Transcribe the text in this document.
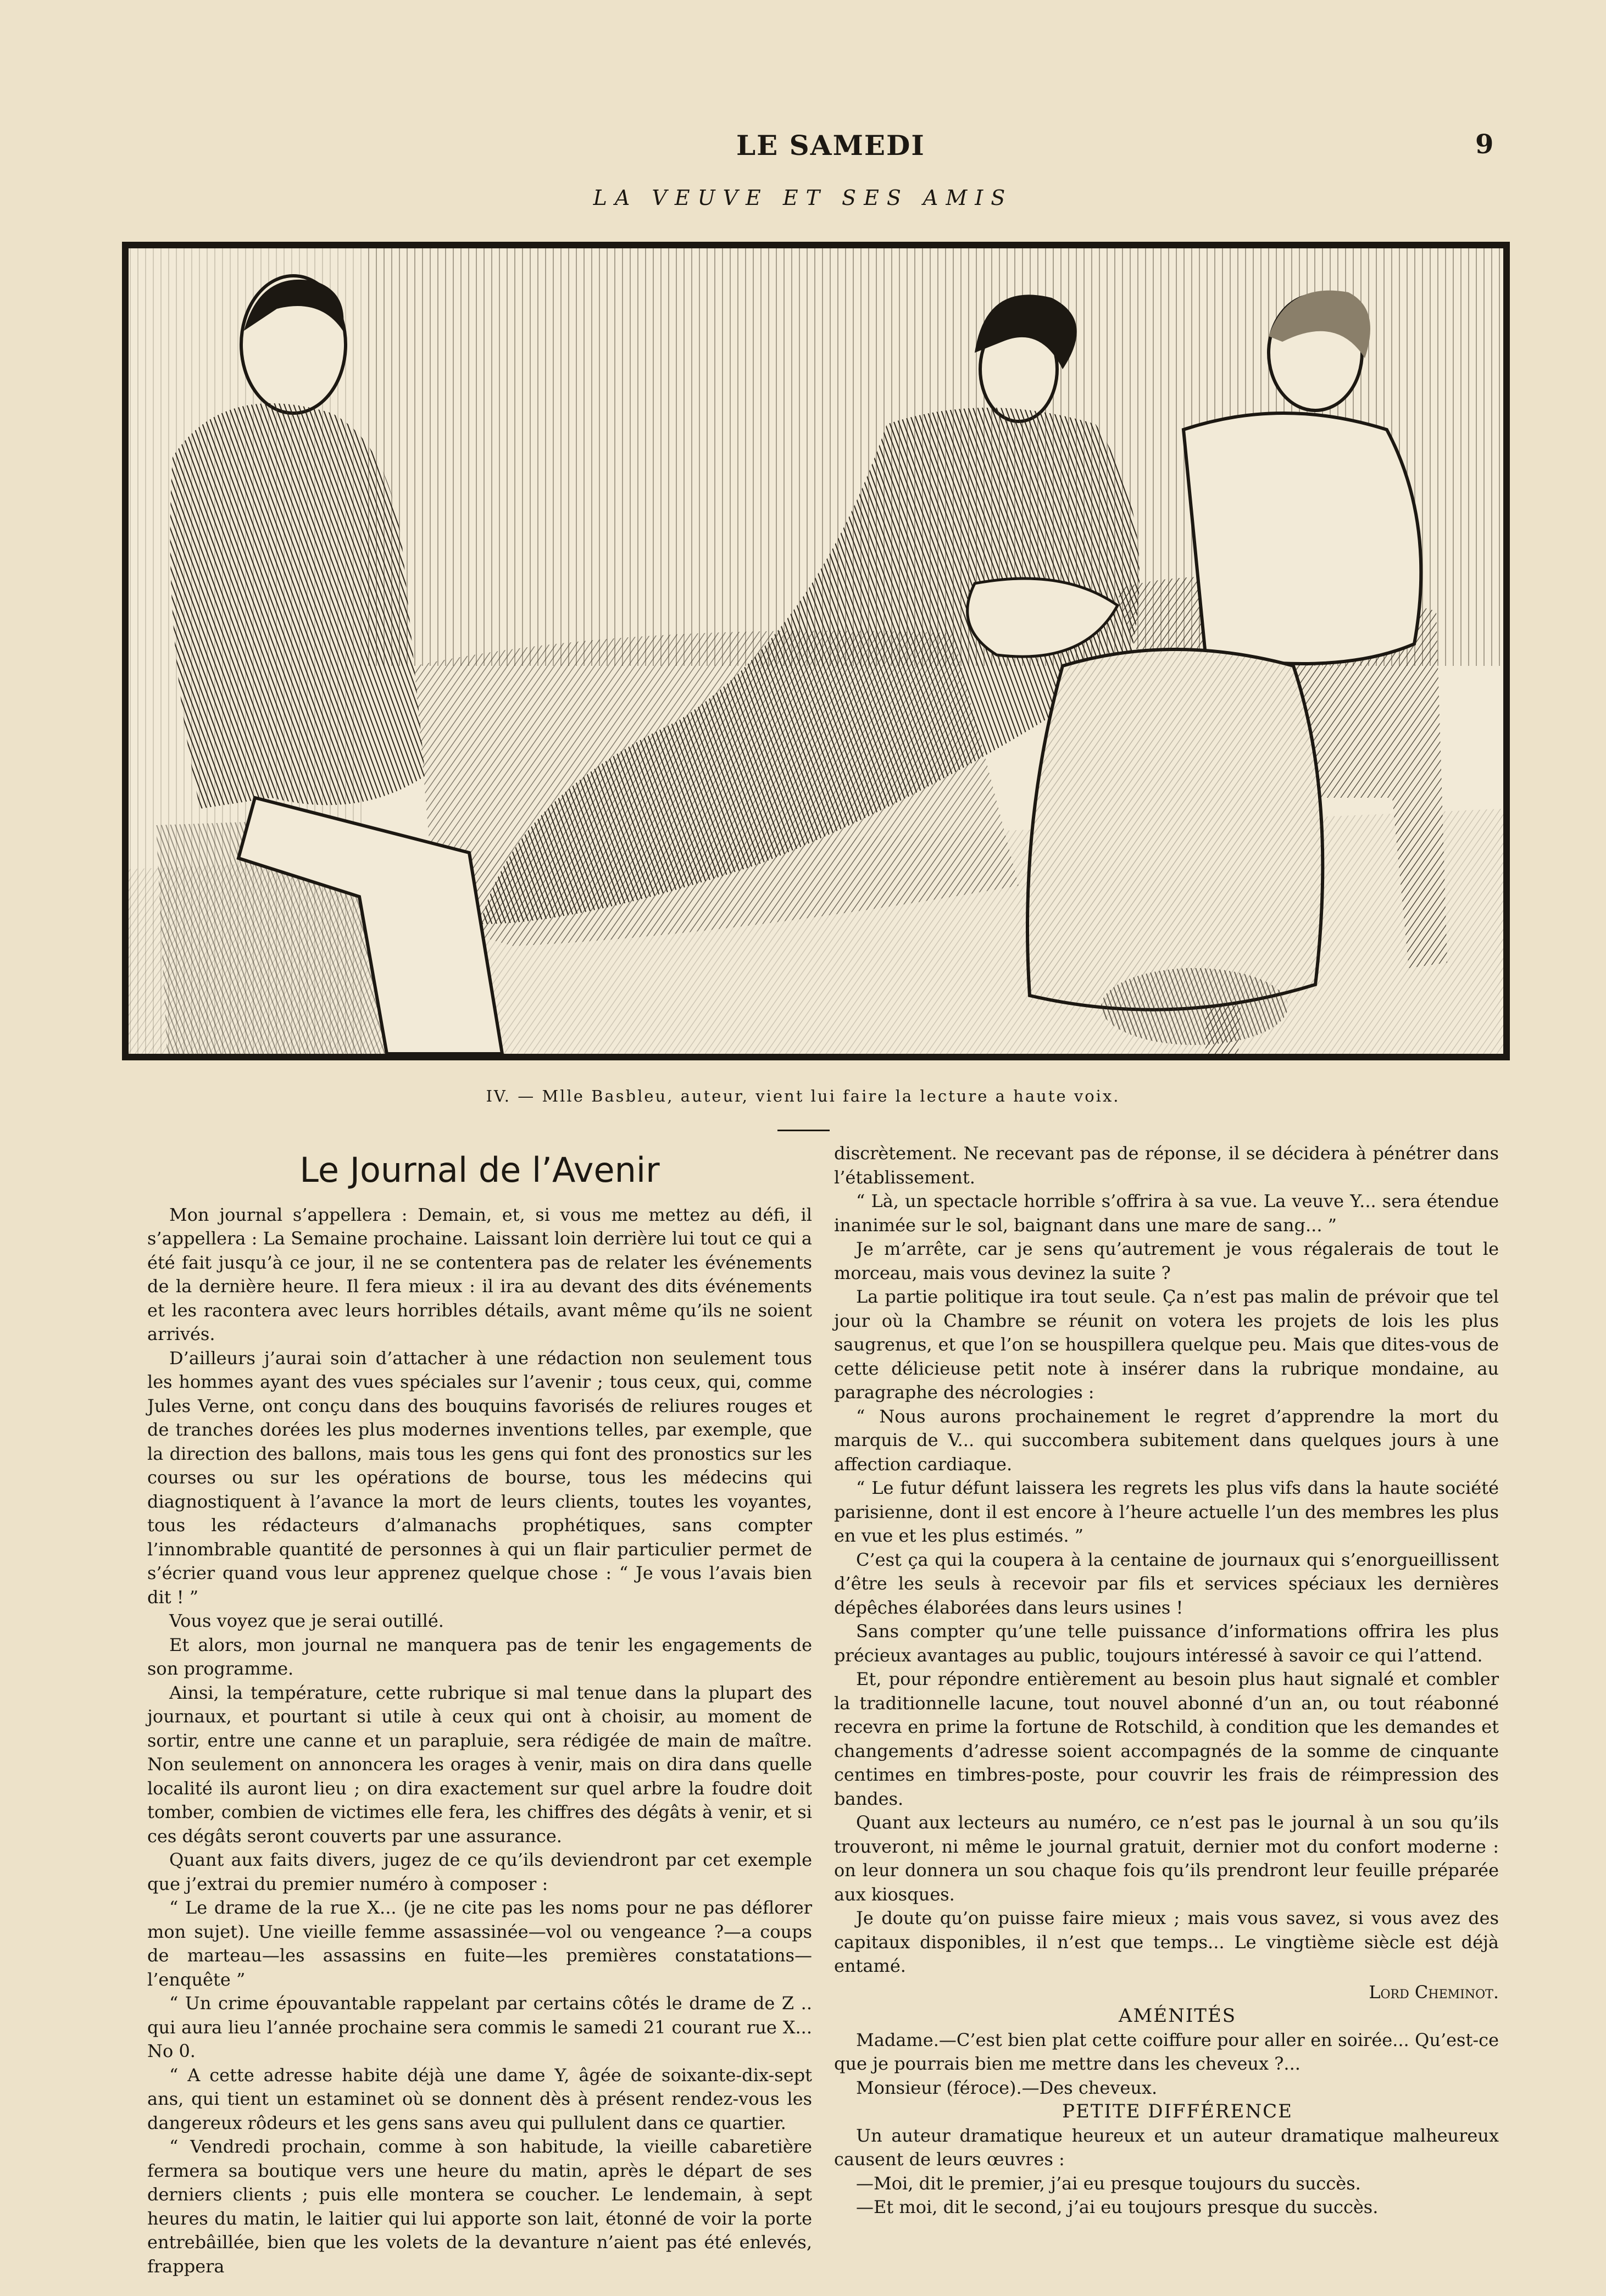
LE SAMEDI	9
LA VEUVE ET SES AMIS
IV. — Mlle Basbleu, auteur, vient lui faire la lecture a haute voix.
Le Journal de l’Avenir

Mon journal s’appellera : Demain, et, si vous me mettez au défi, il s’appellera : La Semaine prochaine. Laissant loin derrière lui tout ce qui a été fait jusqu’à ce jour, il ne se contentera pas de relater les événements de la dernière heure. Il fera mieux : il ira au devant des dits événements et les racontera avec leurs horribles détails, avant même qu’ils ne soient arrivés.

D’ailleurs j’aurai soin d’attacher à une rédaction non seulement tous les hommes ayant des vues spéciales sur l’avenir ; tous ceux, qui, comme Jules Verne, ont conçu dans des bouquins favorisés de reliures rouges et de tranches dorées les plus modernes inventions telles, par exemple, que la direction des ballons, mais tous les gens qui font des pronostics sur les courses ou sur les opérations de bourse, tous les médecins qui diagnostiquent à l’avance la mort de leurs clients, toutes les voyantes, tous les rédacteurs d’almanachs prophétiques, sans compter l’innombrable quantité de personnes à qui un flair particulier permet de s’écrier quand vous leur apprenez quelque chose : “ Je vous l’avais bien dit ! ”

Vous voyez que je serai outillé.

Et alors, mon journal ne manquera pas de tenir les engagements de son programme.

Ainsi, la température, cette rubrique si mal tenue dans la plupart des journaux, et pourtant si utile à ceux qui ont à choisir, au moment de sortir, entre une canne et un parapluie, sera rédigée de main de maître. Non seulement on annoncera les orages à venir, mais on dira dans quelle localité ils auront lieu ; on dira exactement sur quel arbre la foudre doit tomber, combien de victimes elle fera, les chiffres des dégâts à venir, et si ces dégâts seront couverts par une assurance.

Quant aux faits divers, jugez de ce qu’ils deviendront par cet exemple que j’extrai du premier numéro à composer :

“ Le drame de la rue X... (je ne cite pas les noms pour ne pas déflorer mon sujet). Une vieille femme assassinée—vol ou vengeance ?—a coups de marteau—les assassins en fuite—les premières constatations—l’enquête ”

“ Un crime épouvantable rappelant par certains côtés le drame de Z .. qui aura lieu l’année prochaine sera commis le samedi 21 courant rue X... No 0.

“ A cette adresse habite déjà une dame Y, âgée de soixante-dix-sept ans, qui tient un estaminet où se donnent dès à présent rendez-vous les dangereux rôdeurs et les gens sans aveu qui pullulent dans ce quartier.

“ Vendredi prochain, comme à son habitude, la vieille cabaretière fermera sa boutique vers une heure du matin, après le départ de ses derniers clients ; puis elle montera se coucher. Le lendemain, à sept heures du matin, le laitier qui lui apporte son lait, étonné de voir la porte entrebâillée, bien que les volets de la devanture n’aient pas été enlevés, frappera

discrètement. Ne recevant pas de réponse, il se décidera à pénétrer dans l’établissement.

“ Là, un spectacle horrible s’offrira à sa vue. La veuve Y... sera étendue inanimée sur le sol, baignant dans une mare de sang... ”

Je m’arrête, car je sens qu’autrement je vous régalerais de tout le morceau, mais vous devinez la suite ?

La partie politique ira tout seule. Ça n’est pas malin de prévoir que tel jour où la Chambre se réunit on votera les projets de lois les plus saugrenus, et que l’on se houspillera quelque peu. Mais que dites-vous de cette délicieuse petit note à insérer dans la rubrique mondaine, au paragraphe des nécrologies :

“ Nous aurons prochainement le regret d’apprendre la mort du marquis de V... qui succombera subitement dans quelques jours à une affection cardiaque.

“ Le futur défunt laissera les regrets les plus vifs dans la haute société parisienne, dont il est encore à l’heure actuelle l’un des membres les plus en vue et les plus estimés. ”

C’est ça qui la coupera à la centaine de journaux qui s’enorgueillissent d’être les seuls à recevoir par fils et services spéciaux les dernières dépêches élaborées dans leurs usines !

Sans compter qu’une telle puissance d’informations offrira les plus précieux avantages au public, toujours intéressé à savoir ce qui l’attend.

Et, pour répondre entièrement au besoin plus haut signalé et combler la traditionnelle lacune, tout nouvel abonné d’un an, ou tout réabonné recevra en prime la fortune de Rotschild, à condition que les demandes et changements d’adresse soient accompagnés de la somme de cinquante centimes en timbres-poste, pour couvrir les frais de réimpression des bandes.

Quant aux lecteurs au numéro, ce n’est pas le journal à un sou qu’ils trouveront, ni même le journal gratuit, dernier mot du confort moderne : on leur donnera un sou chaque fois qu’ils prendront leur feuille préparée aux kiosques.

Je doute qu’on puisse faire mieux ; mais vous savez, si vous avez des capitaux disponibles, il n’est que temps... Le vingtième siècle est déjà entamé.

Lord Cheminot.

AMÉNITÉS

Madame.—C’est bien plat cette coiffure pour aller en soirée... Qu’est-ce que je pourrais bien me mettre dans les cheveux ?...

Monsieur (féroce).—Des cheveux.

PETITE DIFFÉRENCE

Un auteur dramatique heureux et un auteur dramatique malheureux causent de leurs œuvres :

—Moi, dit le premier, j’ai eu presque toujours du succès.

—Et moi, dit le second, j’ai eu toujours presque du succès.
